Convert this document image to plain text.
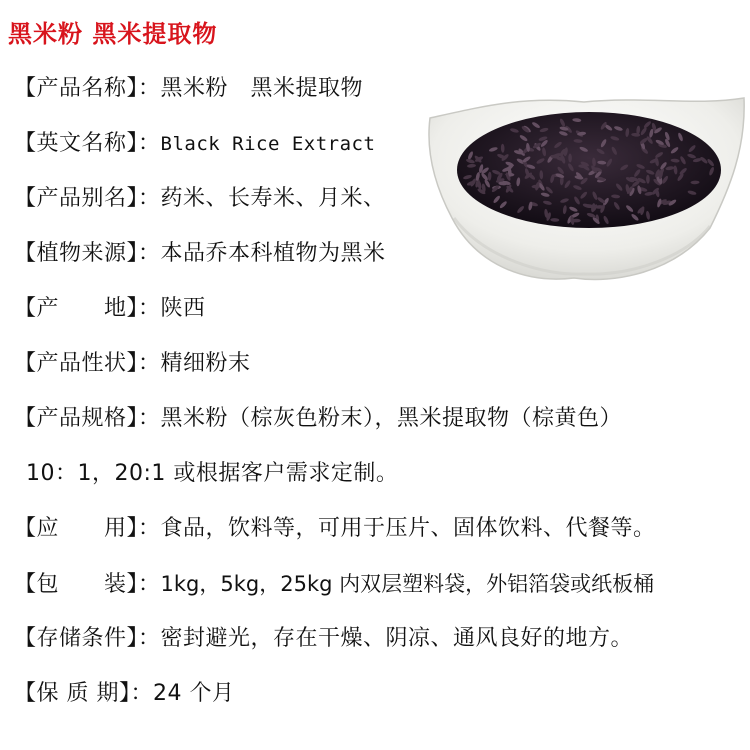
黑米粉 黑米提取物
【产品名称】：黑米粉　黑米提取物
【英文名称】：Black Rice Extract
【产品别名】：药米、长寿米、月米、
【植物来源】：本品乔本科植物为黑米
【产　　地】：陕西
【产品性状】：精细粉末
【产品规格】：黑米粉（棕灰色粉末），黑米提取物（棕黄色）
10：1，20:1 或根据客户需求定制。
【应　　用】：食品，饮料等，可用于压片、固体饮料、代餐等。
【包　　装】：1kg，5kg，25kg 内双层塑料袋，外铝箔袋或纸板桶
【存储条件】：密封避光，存在干燥、阴凉、通风良好的地方。
【保 质 期】：24 个月
